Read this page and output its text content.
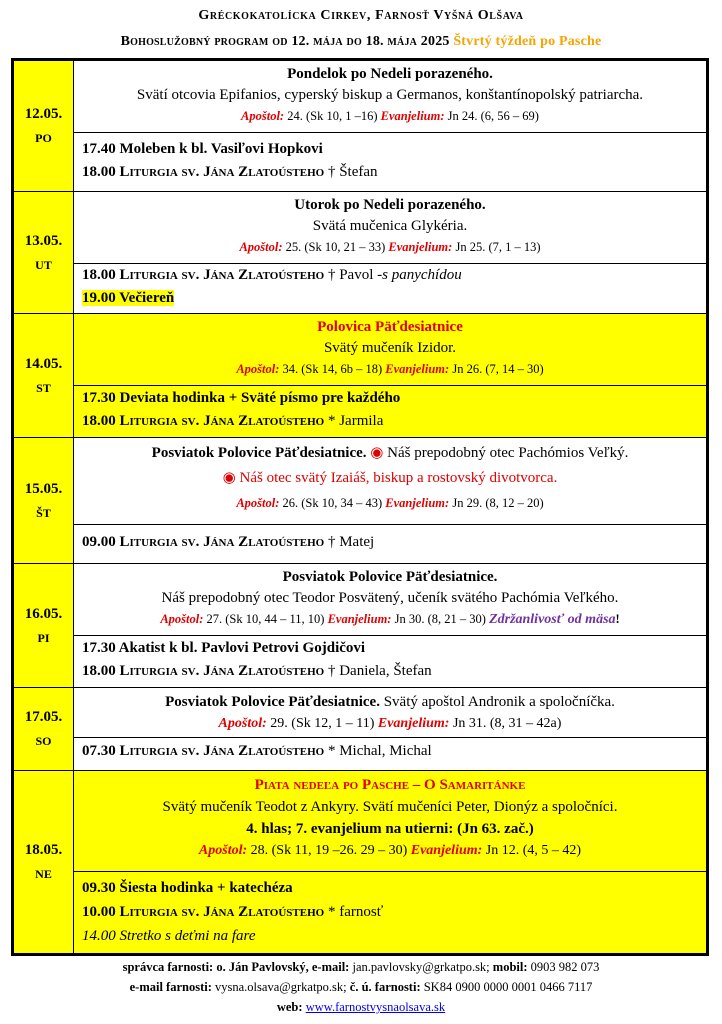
Gréckokatolícka Cirkev, Farnosť Vyšná Olšava
Bohoslužobný program od 12. mája do 18. mája 2025 Štvrtý týždeň po Pasche
12.05.
PO
Pondelok po Nedeli porazeného.
Svätí otcovia Epifanios, cyperský biskup a Germanos, konštantínopolský patriarcha.
Apoštol: 24. (Sk 10, 1 –16) Evanjelium: Jn 24. (6, 56 – 69)
17.40 Moleben k bl. Vasiľovi Hopkovi
18.00 Liturgia sv. Jána Zlatoústeho † Štefan
13.05.
UT
Utorok po Nedeli porazeného.
Svätá mučenica Glykéria.
Apoštol: 25. (Sk 10, 21 – 33) Evanjelium: Jn 25. (7, 1 – 13)
18.00 Liturgia sv. Jána Zlatoústeho † Pavol -s panychídou
19.00 Večiereň
14.05.
ST
Polovica Päťdesiatnice
Svätý mučeník Izidor.
Apoštol: 34. (Sk 14, 6b – 18) Evanjelium: Jn 26. (7, 14 – 30)
17.30 Deviata hodinka + Sväté písmo pre každého
18.00 Liturgia sv. Jána Zlatoústeho * Jarmila
15.05.
ŠT
Posviatok Polovice Päťdesiatnice. ◉ Náš prepodobný otec Pachómios Veľký.
◉ Náš otec svätý Izaiáš, biskup a rostovský divotvorca.
Apoštol: 26. (Sk 10, 34 – 43) Evanjelium: Jn 29. (8, 12 – 20)
09.00 Liturgia sv. Jána Zlatoústeho † Matej
16.05.
PI
Posviatok Polovice Päťdesiatnice.
Náš prepodobný otec Teodor Posvätený, učeník svätého Pachómia Veľkého.
Apoštol: 27. (Sk 10, 44 – 11, 10) Evanjelium: Jn 30. (8, 21 – 30) Zdržanlivosť od mäsa!
17.30 Akatist k bl. Pavlovi Petrovi Gojdičovi
18.00 Liturgia sv. Jána Zlatoústeho † Daniela, Štefan
17.05.
SO
Posviatok Polovice Päťdesiatnice. Svätý apoštol Andronik a spoločníčka.
Apoštol: 29. (Sk 12, 1 – 11) Evanjelium: Jn 31. (8, 31 – 42a)
07.30 Liturgia sv. Jána Zlatoústeho * Michal, Michal
18.05.
NE
Piata nedeľa po Pasche – O Samaritánke
Svätý mučeník Teodot z Ankyry. Svätí mučeníci Peter, Dionýz a spoločníci.
4. hlas; 7. evanjelium na utierni: (Jn 63. zač.)
Apoštol: 28. (Sk 11, 19 –26. 29 – 30) Evanjelium: Jn 12. (4, 5 – 42)
09.30 Šiesta hodinka + katechéza
10.00 Liturgia sv. Jána Zlatoústeho * farnosť
14.00 Stretko s deťmi na fare
správca farnosti: o. Ján Pavlovský, e-mail: jan.pavlovsky@grkatpo.sk; mobil: 0903 982 073
e-mail farnosti: vysna.olsava@grkatpo.sk; č. ú. farnosti: SK84 0900 0000 0001 0466 7117
web: www.farnostvysnaolsava.sk
